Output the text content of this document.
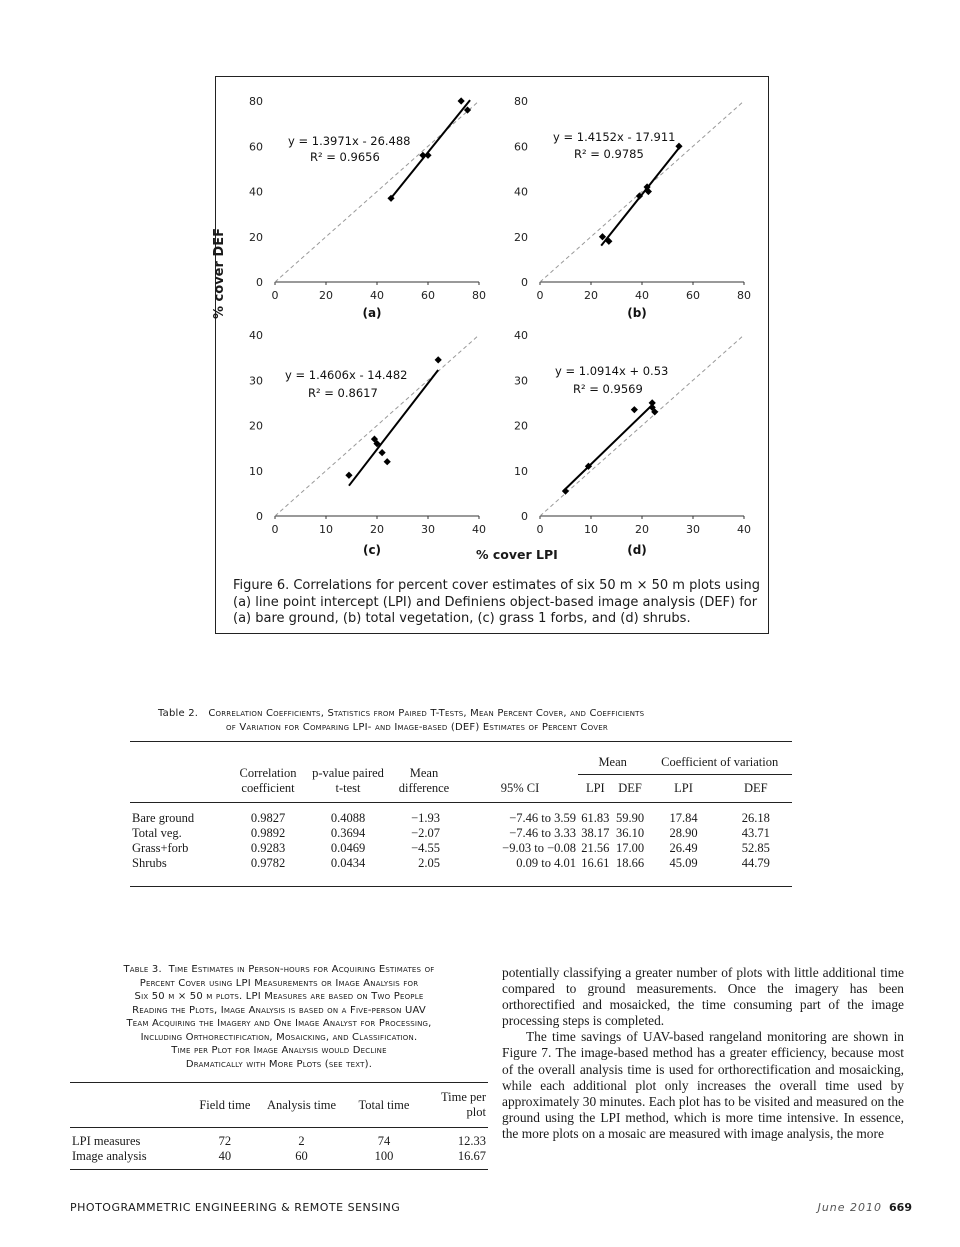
0	20	40	60	80
0
20
40
60
80
y = 1.3971x - 26.488
R² = 0.9656
(a)
0	20	40	60	80
0
20
40
60
80
y = 1.4152x - 17.911
R² = 0.9785
(b)
0	10	20	30	40
0
10
20
30
40
y = 1.4606x - 14.482
R² = 0.8617
(c)
0	10	20	30	40
0
10
20
30
40
y = 1.0914x + 0.53
R² = 0.9569
(d)
% cover DEF
% cover LPI
Figure 6. Correlations for percent cover estimates of six 50 m × 50 m plots using (a) line point intercept (LPI) and Definiens object-based image analysis (DEF) for (a) bare ground, (b) total vegetation, (c) grass 1 forbs, and (d) shrubs.
Table 2. Correlation Coefficients, Statistics from Paired T-Tests, Mean Percent Cover, and Coefficients
of Variation for Comparing LPI- and Image-based (DEF) Estimates of Percent Cover
	Correlation coefficient	p-value paired t-test	Mean difference	95% CI	Mean		Coefficient of variation	
					LPI	DEF	LPI	DEF
Bare ground	0.9827	0.4088	−1.93	−7.46 to 3.59	61.83	59.90	17.84	26.18
Total veg.	0.9892	0.3694	−2.07	−7.46 to 3.33	38.17	36.10	28.90	43.71
Grass+forb	0.9283	0.0469	−4.55	−9.03 to −0.08	21.56	17.00	26.49	52.85
Shrubs	0.9782	0.0434	2.05	0.09 to 4.01	16.61	18.66	45.09	44.79
Table 3. Time Estimates in Person-hours for Acquiring Estimates of
Percent Cover using LPI Measurements or Image Analysis for
Six 50 m × 50 m plots. LPI Measures are based on Two People
Reading the Plots, Image Analysis is based on a Five-person UAV
Team Acquiring the Imagery and One Image Analyst for Processing,
Including Orthorectification, Mosaicking, and Classification.
Time per Plot for Image Analysis would Decline
Dramatically with More Plots (see text).
	Field time	Analysis time	Total time	Time per plot
LPI measures	72	2	74	12.33
Image analysis	40	60	100	16.67

potentially classifying a greater number of plots with little additional time compared to ground measurements. Once the imagery has been orthorectified and mosaicked, the time consuming part of the image processing steps is completed.

The time savings of UAV-based rangeland monitoring are shown in Figure 7. The image-based method has a greater efficiency, because most of the overall analysis time is used for orthorectification and mosaicking, while each additional plot only increases the overall time used by approximately 30 minutes. Each plot has to be visited and measured on the ground using the LPI method, which is more time intensive. In essence, the more plots on a mosaic are measured with image analysis, the more

PHOTOGRAMMETRIC ENGINEERING & REMOTE SENSING	June 2010 669
